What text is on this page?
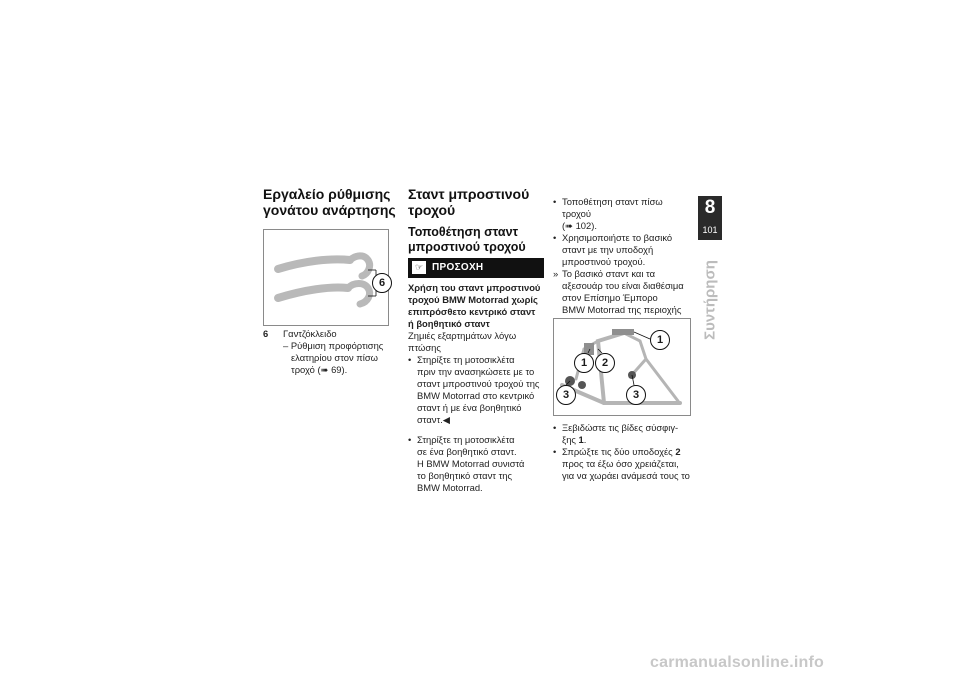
Εργαλείο ρύθμισης
γονάτου ανάρτησης
6
6 Γαντζόκλειδο
– Ρύθμιση προφόρτισης
ελατηρίου στον πίσω
τροχό (➠ 69).
Σταντ μπροστινού
τροχού
Τοποθέτηση σταντ
μπροστινού τροχού
☞ ΠΡΟΣΟΧΗ
Χρήση του σταντ μπροστινού
τροχού BMW Motorrad χωρίς
επιπρόσθετο κεντρικό σταντ
ή βοηθητικό σταντ
Ζημιές εξαρτημάτων λόγω
πτώσης
• Στηρίξτε τη μοτοσικλέτα
πριν την ανασηκώσετε με το
σταντ μπροστινού τροχού της
BMW Motorrad στο κεντρικό
σταντ ή με ένα βοηθητικό
σταντ.◀
• Στηρίξτε τη μοτοσικλέτα
σε ένα βοηθητικό σταντ.
Η BMW Motorrad συνιστά
το βοηθητικό σταντ της
BMW Motorrad.
• Τοποθέτηση σταντ πίσω τροχού
(➠ 102).
• Χρησιμοποιήστε το βασικό
σταντ με την υποδοχή
μπροστινού τροχού.
» Το βασικό σταντ και τα
αξεσουάρ του είναι διαθέσιμα
στον Επίσημο Έμπορο
BMW Motorrad της περιοχής
1
1	2
3	3
• Ξεβιδώστε τις βίδες σύσφιγ-
ξης 1.
• Σπρώξτε τις δύο υποδοχές 2
προς τα έξω όσο χρειάζεται,
για να χωράει ανάμεσά τους το
8
101
Συντήρηση
carmanualsonline.info
